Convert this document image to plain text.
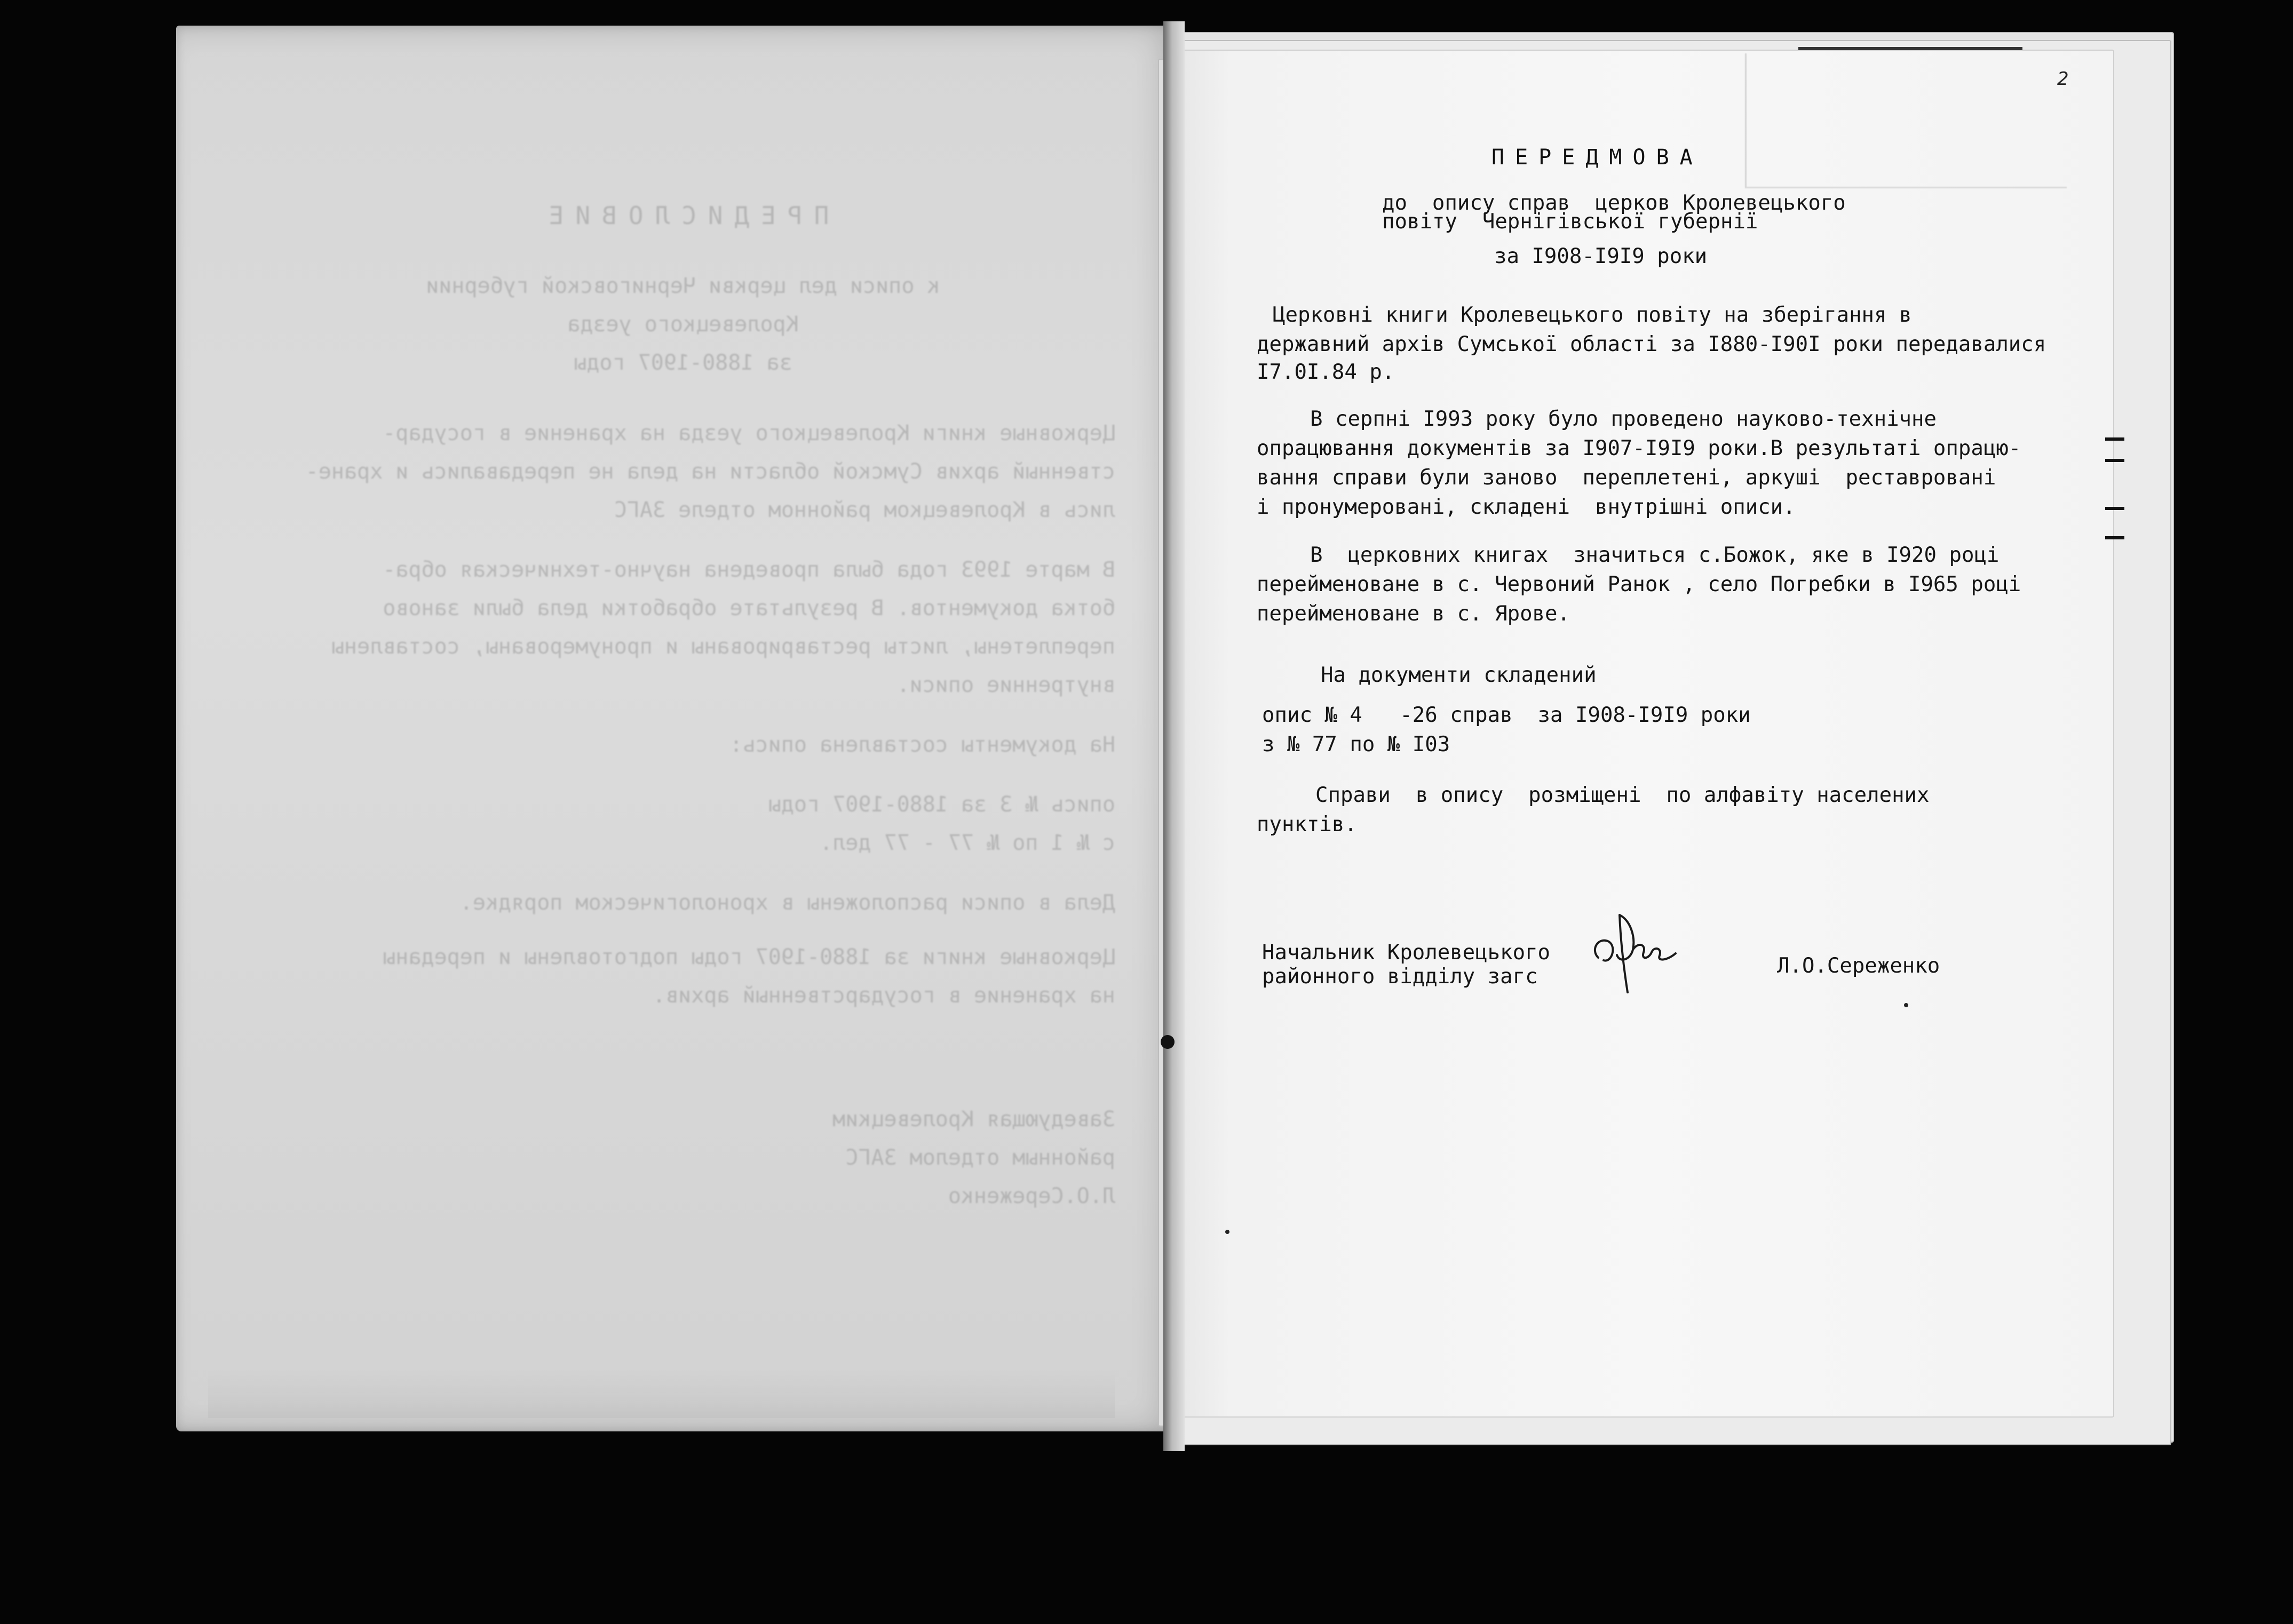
ПРЕДИСЛОВИЕ
к описи дел церкви Черниговской губернии
Кролевецкого уезда
за 1880-1907 годы
Церковные книги Кролевецкого уезда на хранение в государ-
ственный архив Сумской области на дела не передавались и хране-
лись в Кролевецком районном отделе ЗАГС
В марте 1993 года была проведена научно-техническая обра-
ботка документов. В результате обработки дела были заново
переплетены, листы реставрированы и пронумерованы, составлены
внутренние описи.
На документы составлена опись:
опись № 3 за 1880-1907 годы
с № 1 по № 77 - 77 дел.
Дела в описи расположены в хронологическом порядке.
Церковные книги за 1880-1907 годы подготовлены и переданы
на хранение в государственный архив.
Заведующая Кролевецким
районным отделом ЗАГС
Л.О.Сереженко
2
ПЕРЕДМОВА
до  опису справ  церков Кролевецького
повіту  Чернігівської губернії
за I908-I9I9 роки
Церковні книги Кролевецького повіту на зберігання в
державний архів Сумської області за I880-I90I роки передавалися
I7.0I.84 р.
В серпні I993 року було проведено науково-технічне
опрацювання документів за I907-I9I9 роки.В результаті опрацю-
вання справи були заново  переплетені, аркуші  реставровані
і пронумеровані, складені  внутрішні описи.
В  церковних книгах  значиться с.Божок, яке в I920 році
перейменоване в с. Червоний Ранок , село Погребки в I965 році
перейменоване в с. Ярове.
На документи складений
опис № 4   -26 справ  за I908-I9I9 роки
з № 77 по № I03
Справи  в опису  розміщені  по алфавіту населених
пунктів.
Начальник Кролевецького
районного відділу загс	Л.О.Сереженко
